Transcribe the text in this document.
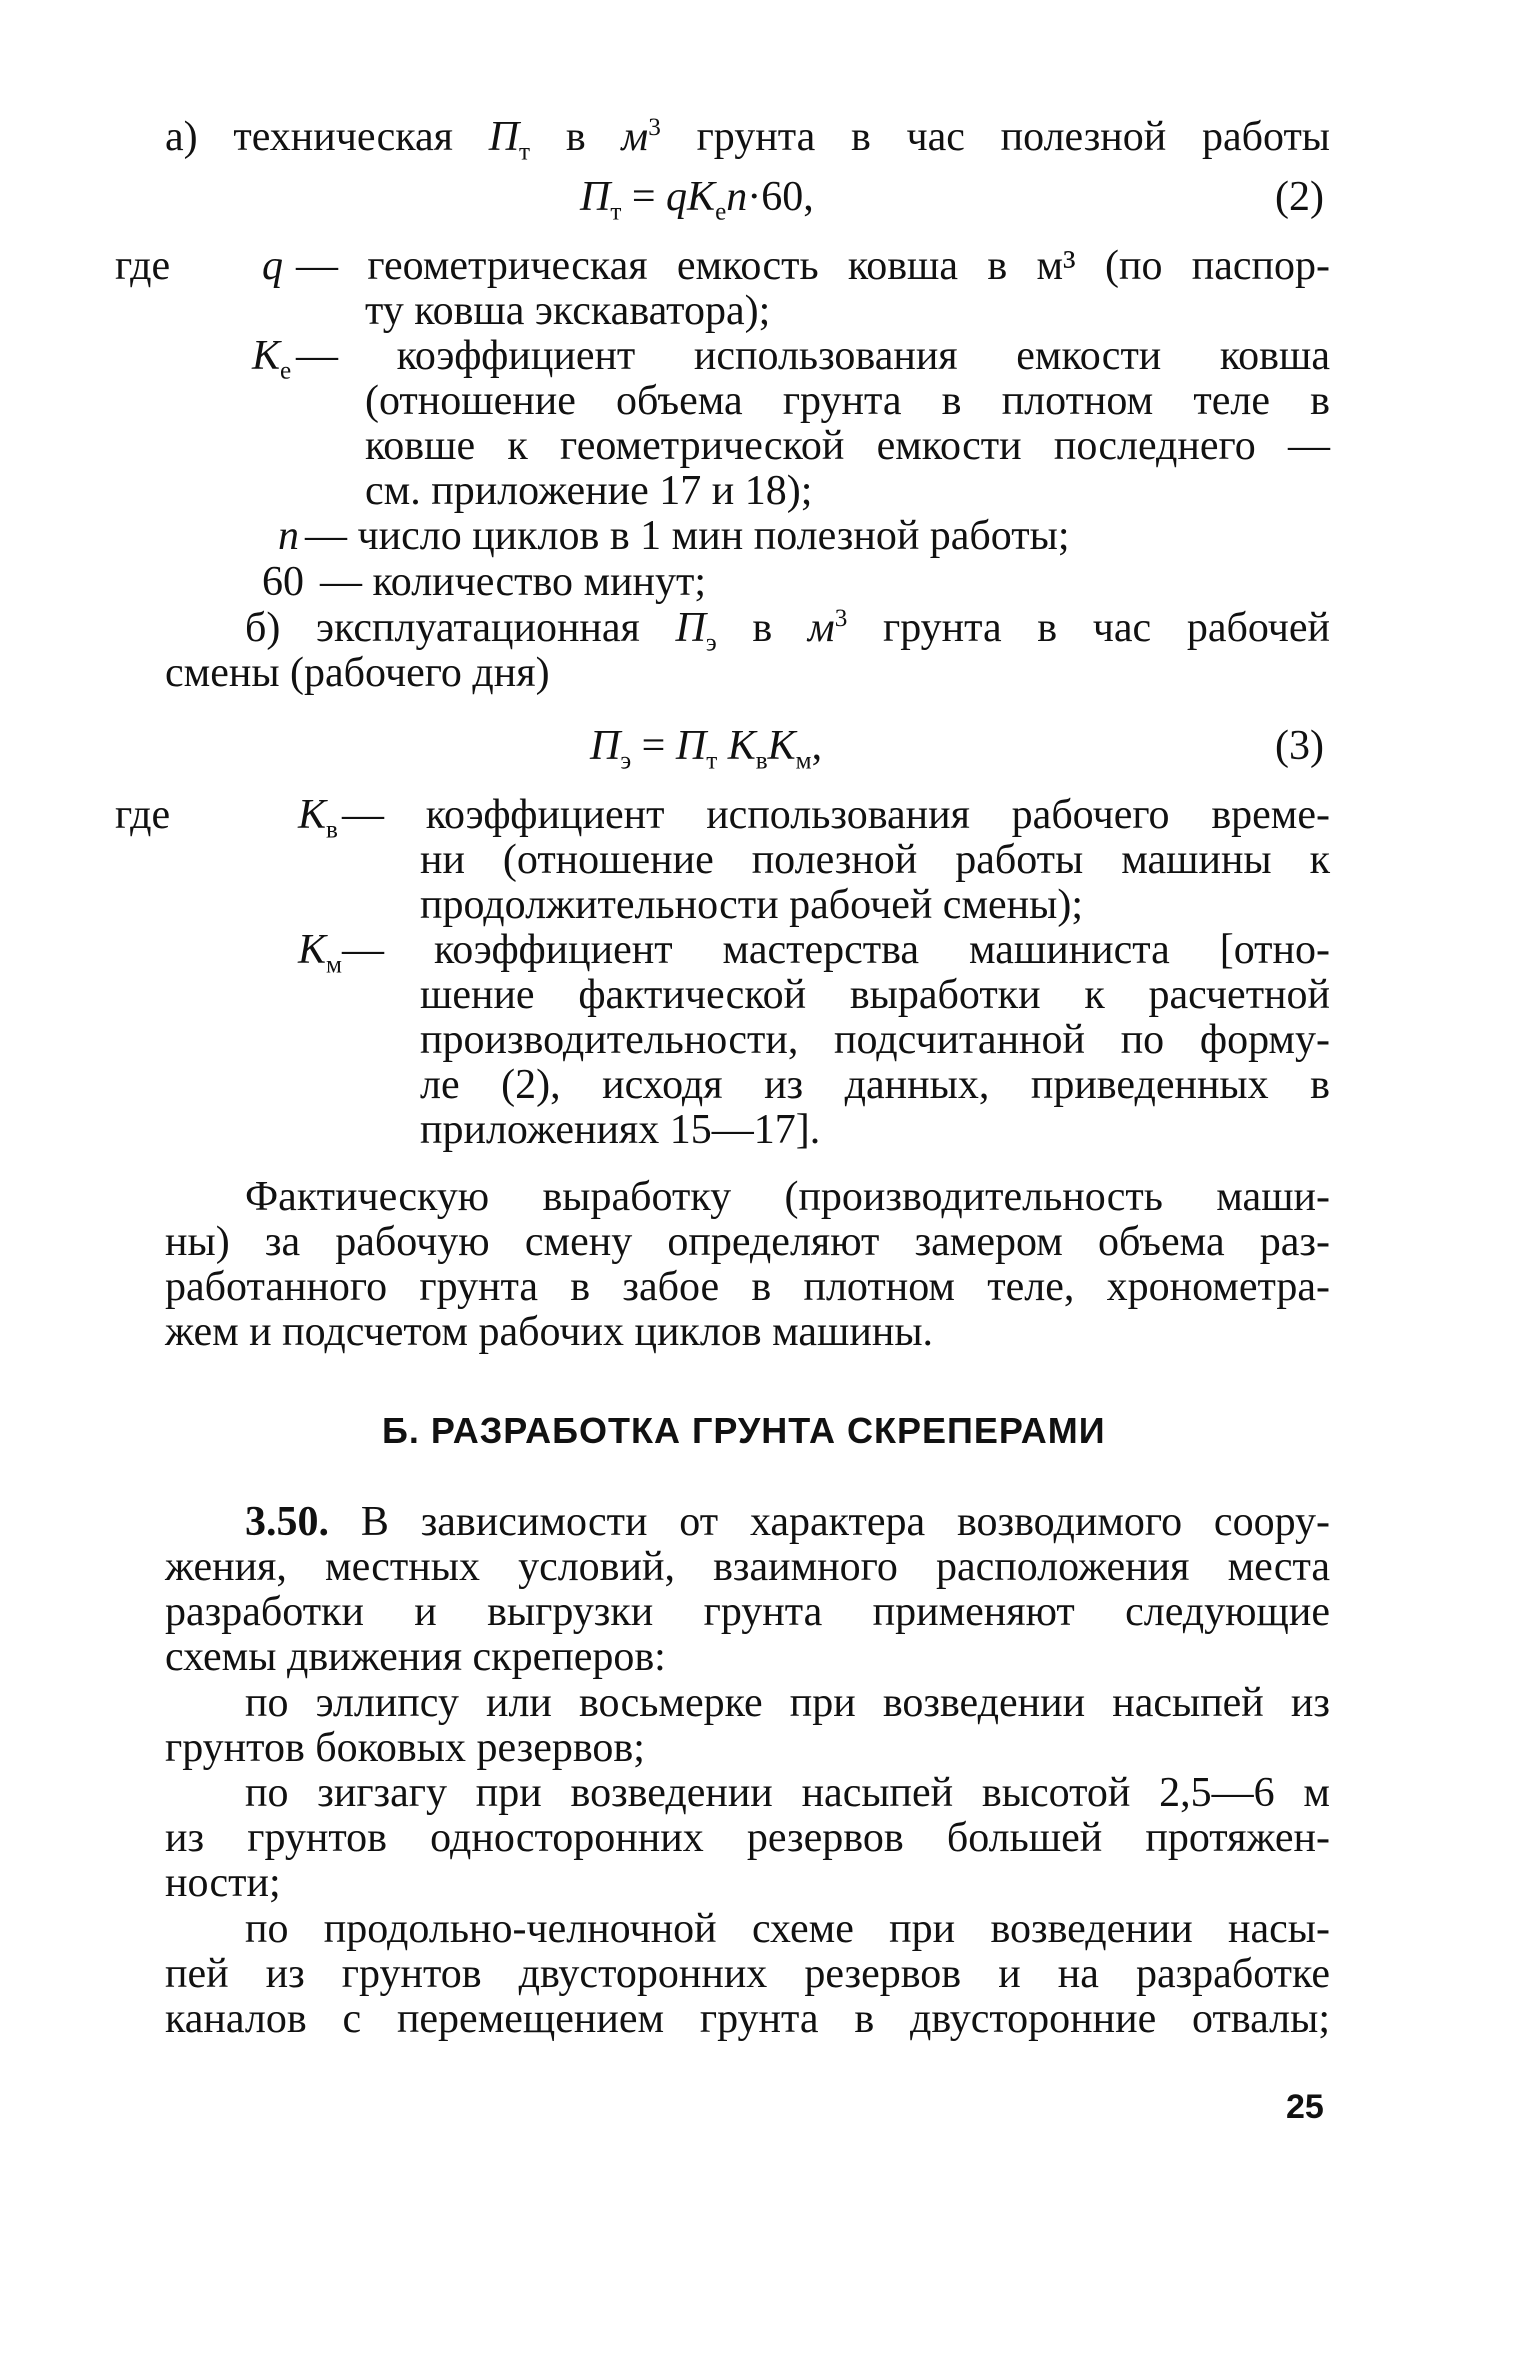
а) техническая $П_т$ в $м^3$ грунта в час полезной работы
$П_т = qK_еn\cdot 60$,	(2)
где q — геометрическая емкость ковша в м³ (по паспор-
ту ковша экскаватора);
$K_е$ — коэффициент использования емкости ковша
(отношение объема грунта в плотном теле в
ковше к геометрической емкости последнего —
см. приложение 17 и 18);
n — число циклов в 1 мин полезной работы;
60 — количество минут;
б) эксплуатационная $П_э$ в $м^3$ грунта в час рабочей
смены (рабочего дня)
$П_э = П_т$ $K_вK_м$,	(3)
где	$K_в$ — коэффициент использования рабочего време-
ни (отношение полезной работы машины к
продолжительности рабочей смены);
$K_м$ — коэффициент мастерства машиниста [отно-
шение фактической выработки к расчетной
производительности, подсчитанной по форму-
ле (2), исходя из данных, приведенных в
приложениях 15—17].
Фактическую выработку (производительность маши-
ны) за рабочую смену определяют замером объема раз-
работанного грунта в забое в плотном теле, хронометра-
жем и подсчетом рабочих циклов машины.
Б. РАЗРАБОТКА ГРУНТА СКРЕПЕРАМИ
3.50. В зависимости от характера возводимого соору-
жения, местных условий, взаимного расположения места
разработки и выгрузки грунта применяют следующие
схемы движения скреперов:
по эллипсу или восьмерке при возведении насыпей из
грунтов боковых резервов;
по зигзагу при возведении насыпей высотой 2,5—6 м
из грунтов односторонних резервов большей протяжен-
ности;
по продольно-челночной схеме при возведении насы-
пей из грунтов двусторонних резервов и на разработке
каналов с перемещением грунта в двусторонние отвалы;
25
